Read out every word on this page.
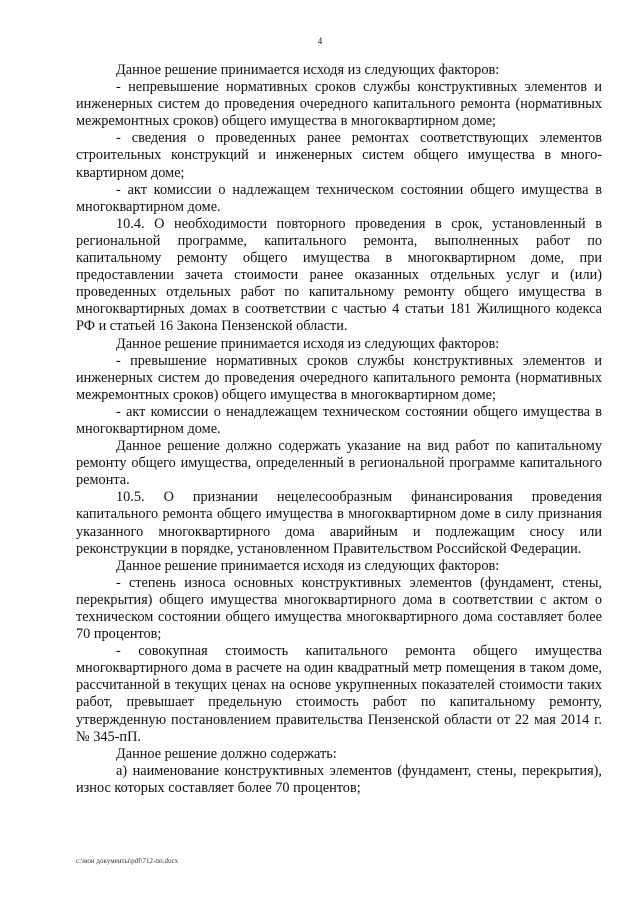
4

Данное решение принимается исходя из следующих факторов:

- непревышение нормативных сроков службы конструктивных элементов и инженерных систем до проведения очередного капитального ремонта (нормативных межремонтных сроков) общего имущества в многоквартирном доме;

- сведения о проведенных ранее ремонтах соответствующих элементов строительных конструкций и инженерных систем общего имущества в много-квартирном доме;

- акт комиссии о надлежащем техническом состоянии общего имущества в многоквартирном доме.

10.4. О необходимости повторного проведения в срок, установленный в региональной программе, капитального ремонта, выполненных работ по капитальному ремонту общего имущества в многоквартирном доме, при предоставлении зачета стоимости ранее оказанных отдельных услуг и (или) проведенных отдельных работ по капитальному ремонту общего имущества в многоквартирных домах в соответствии с частью 4 статьи 181 Жилищного кодекса РФ и статьей 16 Закона Пензенской области.

Данное решение принимается исходя из следующих факторов:

- превышение нормативных сроков службы конструктивных элементов и инженерных систем до проведения очередного капитального ремонта (нормативных межремонтных сроков) общего имущества в многоквартирном доме;

- акт комиссии о ненадлежащем техническом состоянии общего имущества в многоквартирном доме.

Данное решение должно содержать указание на вид работ по капитальному ремонту общего имущества, определенный в региональной программе капитального ремонта.

10.5. О признании нецелесообразным финансирования проведения капитального ремонта общего имущества в многоквартирном доме в силу признания указанного многоквартирного дома аварийным и подлежащим сносу или реконструкции в порядке, установленном Правительством Российской Федерации.

Данное решение принимается исходя из следующих факторов:

- степень износа основных конструктивных элементов (фундамент, стены, перекрытия) общего имущества многоквартирного дома в соответствии с актом о техническом состоянии общего имущества многоквартирного дома составляет более 70 процентов;

- совокупная стоимость капитального ремонта общего имущества многоквартирного дома в расчете на один квадратный метр помещения в таком доме, рассчитанной в текущих ценах на основе укрупненных показателей стоимости таких работ, превышает предельную стоимость работ по капитальному ремонту, утвержденную постановлением правительства Пензенской области от 22 мая 2014 г. № 345-пП.

Данное решение должно содержать:

а) наименование конструктивных элементов (фундамент, стены, перекрытия), износ которых составляет более 70 процентов;

c:\мои документы\pdf\712-пп.docx
